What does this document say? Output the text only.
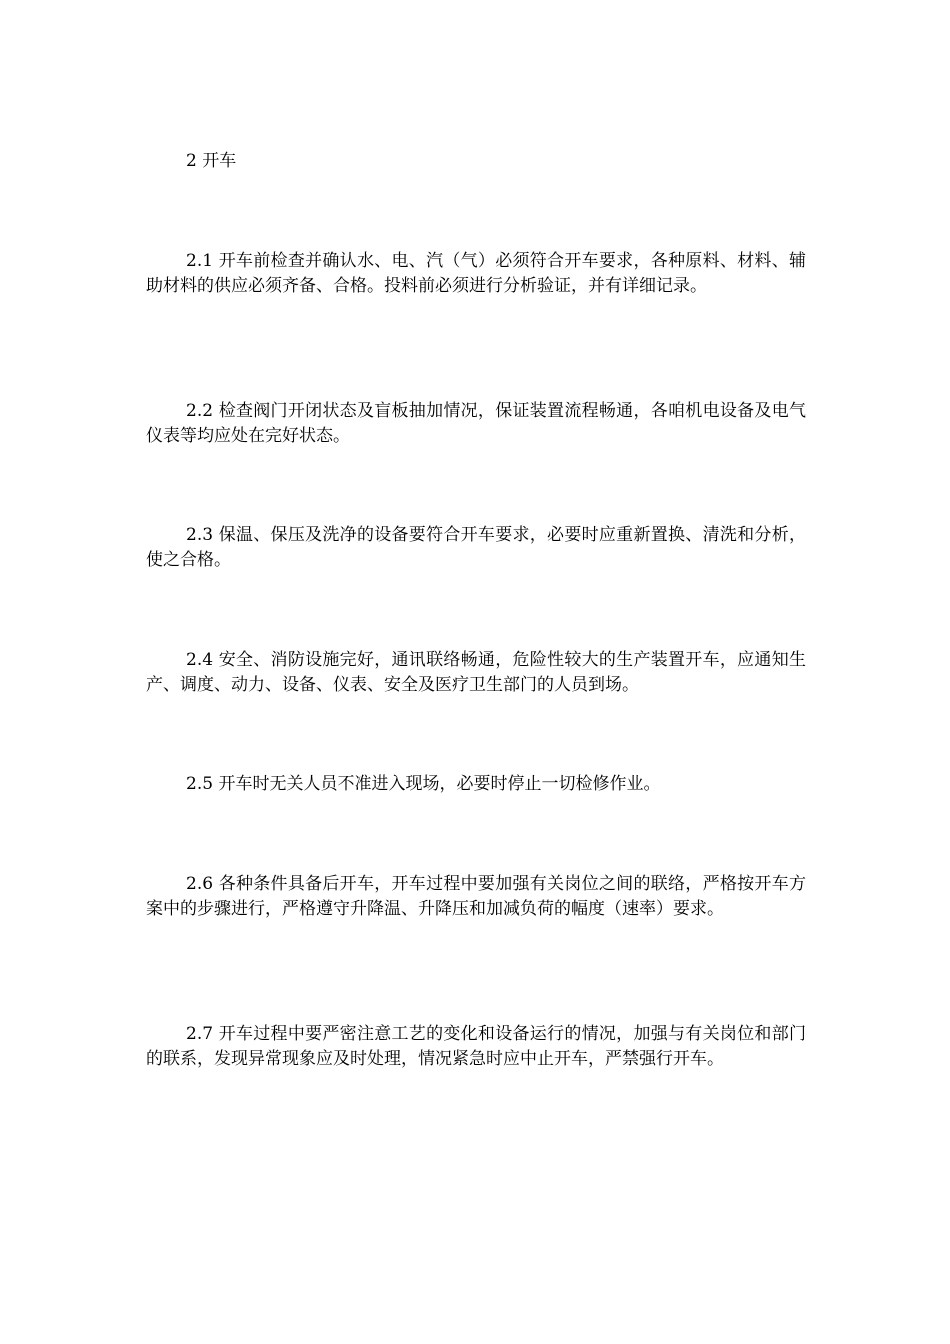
2 开车

2.1 开车前检查并确认水、电、汽（气）必须符合开车要求，各种原料、材料、辅助材料的供应必须齐备、合格。投料前必须进行分析验证，并有详细记录。

2.2 检查阀门开闭状态及盲板抽加情况，保证装置流程畅通，各咱机电设备及电气仪表等均应处在完好状态。

2.3 保温、保压及洗净的设备要符合开车要求，必要时应重新置换、清洗和分析，使之合格。

2.4 安全、消防设施完好，通讯联络畅通，危险性较大的生产装置开车，应通知生产、调度、动力、设备、仪表、安全及医疗卫生部门的人员到场。

2.5 开车时无关人员不准进入现场，必要时停止一切检修作业。

2.6 各种条件具备后开车，开车过程中要加强有关岗位之间的联络，严格按开车方案中的步骤进行，严格遵守升降温、升降压和加减负荷的幅度（速率）要求。

2.7 开车过程中要严密注意工艺的变化和设备运行的情况，加强与有关岗位和部门的联系，发现异常现象应及时处理，情况紧急时应中止开车，严禁强行开车。
